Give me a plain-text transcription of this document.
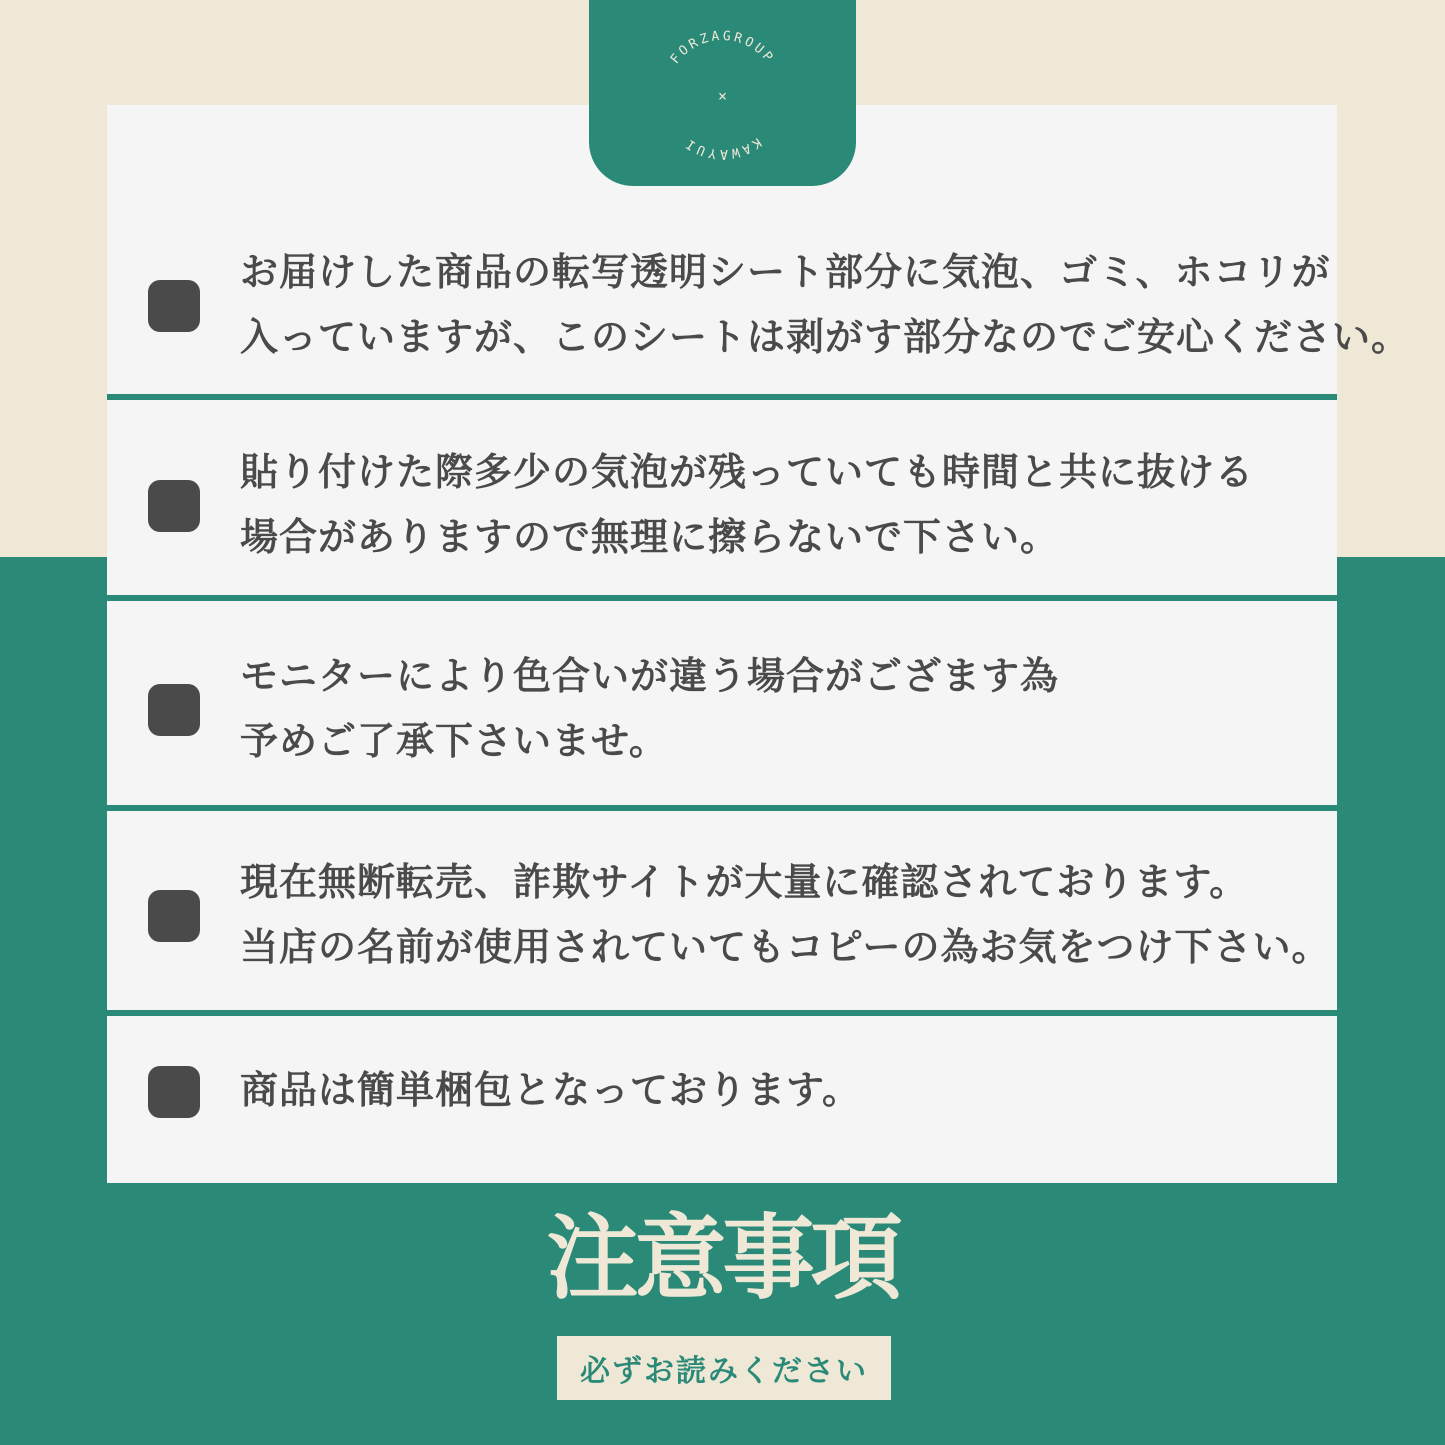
お届けした商品の転写透明シート部分に気泡、ゴミ、ホコリが
入っていますが、このシートは剥がす部分なのでご安心ください。
貼り付けた際多少の気泡が残っていても時間と共に抜ける
場合がありますので無理に擦らないで下さい。
モニターにより色合いが違う場合がござます為
予めご了承下さいませ。
現在無断転売、詐欺サイトが大量に確認されております。
当店の名前が使用されていてもコピーの為お気をつけ下さい。
商品は簡単梱包となっております。
FORZAGROUP
×
KAWAYUI
注意事項
必ずお読みください
